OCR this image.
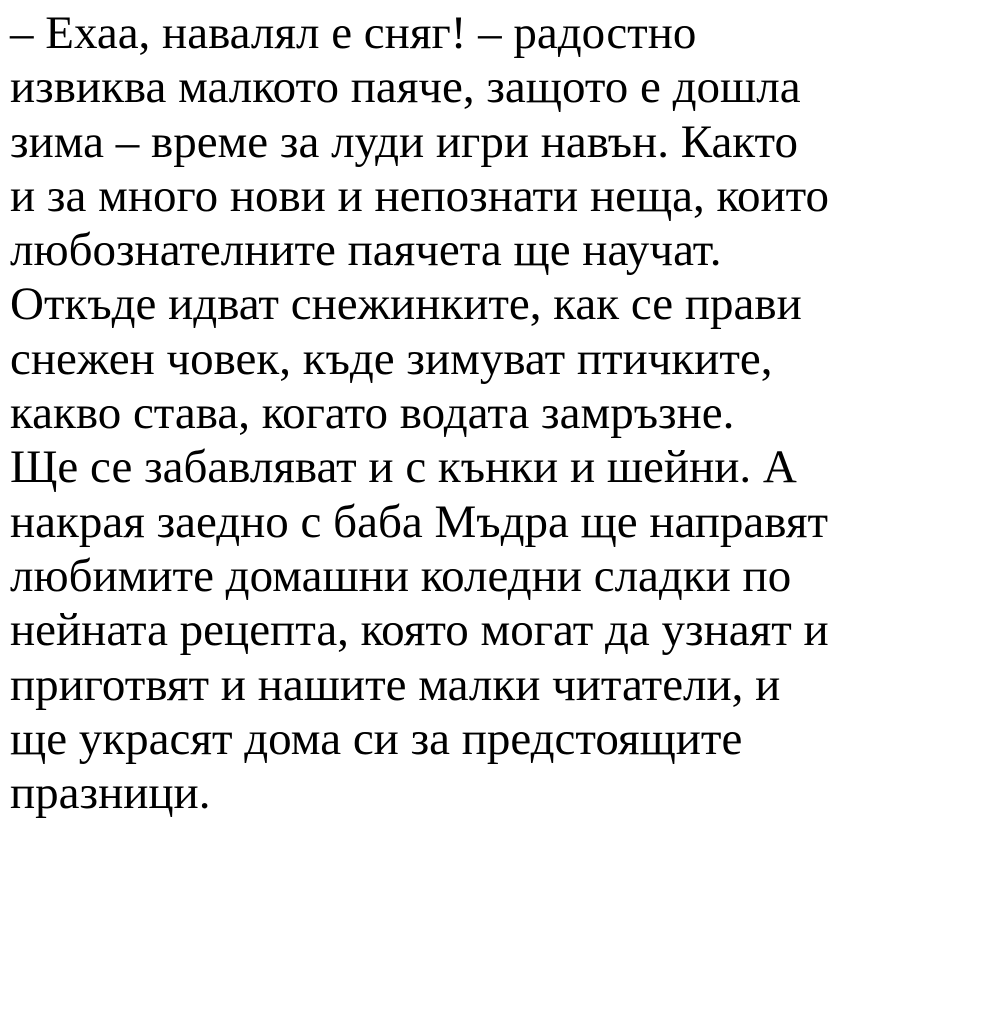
– Ехаа, навалял е сняг! – радостно
извиква малкото паяче, защото е дошла
зима – време за луди игри навън. Както
и за много нови и непознати неща, които
любознателните паячета ще научат.
Откъде идват снежинките, как се прави
снежен човек, къде зимуват птичките,
какво става, когато водата замръзне.
Ще се забавляват и с кънки и шейни. А
накрая заедно с баба Мъдра ще направят
любимите домашни коледни сладки по
нейната рецепта, която могат да узнаят и
приготвят и нашите малки читатели, и
ще украсят дома си за предстоящите
празници.
